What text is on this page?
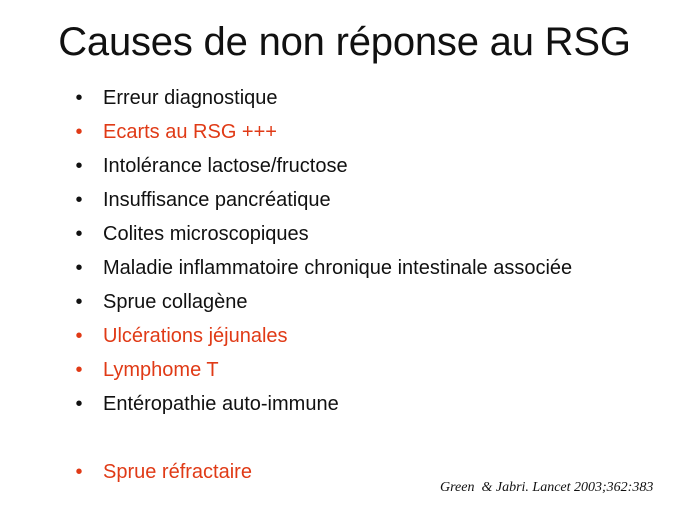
Causes de non réponse au RSG
• Erreur diagnostique
• Ecarts au RSG +++
• Intolérance lactose/fructose
• Insuffisance pancréatique
• Colites microscopiques
• Maladie inflammatoire chronique intestinale associée
• Sprue collagène
• Ulcérations jéjunales
• Lymphome T
• Entéropathie auto-immune
• Sprue réfractaire
Green  & Jabri. Lancet 2003;362:383
